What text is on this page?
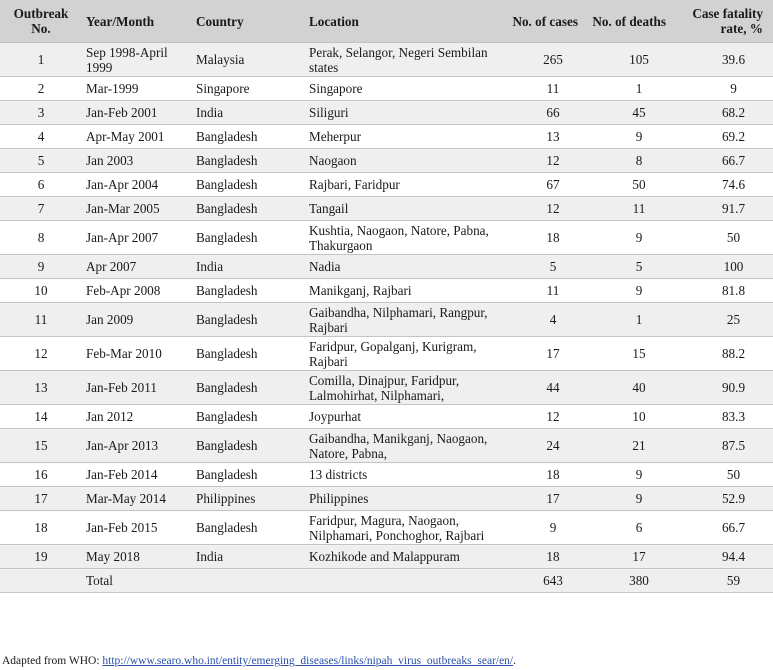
Outbreak No.	Year/Month	Country	Location	No. of cases	No. of deaths	Case fatality rate, %
1	Sep 1998-April 1999	Malaysia	Perak, Selangor, Negeri Sembilan states	265	105	39.6
2	Mar-1999	Singapore	Singapore	11	1	9
3	Jan-Feb 2001	India	Siliguri	66	45	68.2
4	Apr-May 2001	Bangladesh	Meherpur	13	9	69.2
5	Jan 2003	Bangladesh	Naogaon	12	8	66.7
6	Jan-Apr 2004	Bangladesh	Rajbari, Faridpur	67	50	74.6
7	Jan-Mar 2005	Bangladesh	Tangail	12	11	91.7
8	Jan-Apr 2007	Bangladesh	Kushtia, Naogaon, Natore, Pabna, Thakurgaon	18	9	50
9	Apr 2007	India	Nadia	5	5	100
10	Feb-Apr 2008	Bangladesh	Manikganj, Rajbari	11	9	81.8
11	Jan 2009	Bangladesh	Gaibandha, Nilphamari, Rangpur, Rajbari	4	1	25
12	Feb-Mar 2010	Bangladesh	Faridpur, Gopalganj, Kurigram, Rajbari	17	15	88.2
13	Jan-Feb 2011	Bangladesh	Comilla, Dinajpur, Faridpur, Lalmohirhat, Nilphamari,	44	40	90.9
14	Jan 2012	Bangladesh	Joypurhat	12	10	83.3
15	Jan-Apr 2013	Bangladesh	Gaibandha, Manikganj, Naogaon, Natore, Pabna,	24	21	87.5
16	Jan-Feb 2014	Bangladesh	13 districts	18	9	50
17	Mar-May 2014	Philippines	Philippines	17	9	52.9
18	Jan-Feb 2015	Bangladesh	Faridpur, Magura, Naogaon, Nilphamari, Ponchoghor, Rajbari	9	6	66.7
19	May 2018	India	Kozhikode and Malappuram	18	17	94.4
	Total			643	380	59
Adapted from WHO: http://www.searo.who.int/entity/emerging_diseases/links/nipah_virus_outbreaks_sear/en/.
